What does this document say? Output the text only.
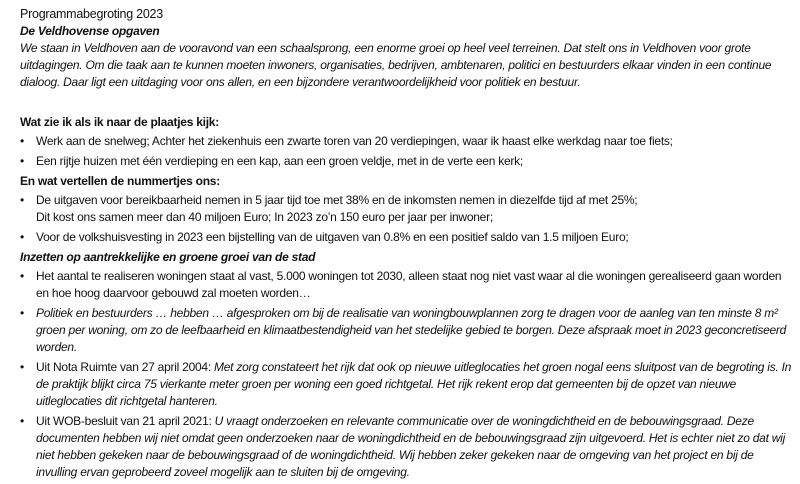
Programmabegroting 2023
De Veldhovense opgaven
We staan in Veldhoven aan de vooravond van een schaalsprong, een enorme groei op heel veel terreinen. Dat stelt ons in Veldhoven voor grote uitdagingen. Om die taak aan te kunnen moeten inwoners, organisaties, bedrijven, ambtenaren, politici en bestuurders elkaar vinden in een continue dialoog. Daar ligt een uitdaging voor ons allen, en een bijzondere verantwoordelijkheid voor politiek en bestuur.
Wat zie ik als ik naar de plaatjes kijk:
• Werk aan de snelweg; Achter het ziekenhuis een zwarte toren van 20 verdiepingen, waar ik haast elke werkdag naar toe fiets;
• Een rijtje huizen met één verdieping en een kap, aan een groen veldje, met in de verte een kerk;
En wat vertellen de nummertjes ons:
• De uitgaven voor bereikbaarheid nemen in 5 jaar tijd toe met 38% en de inkomsten nemen in diezelfde tijd af met 25%;
Dit kost ons samen meer dan 40 miljoen Euro; In 2023 zo’n 150 euro per jaar per inwoner;
• Voor de volkshuisvesting in 2023 een bijstelling van de uitgaven van 0.8% en een positief saldo van 1.5 miljoen Euro;
Inzetten op aantrekkelijke en groene groei van de stad
• Het aantal te realiseren woningen staat al vast, 5.000 woningen tot 2030, alleen staat nog niet vast waar al die woningen gerealiseerd gaan worden en hoe hoog daarvoor gebouwd zal moeten worden…
• Politiek en bestuurders … hebben … afgesproken om bij de realisatie van woningbouwplannen zorg te dragen voor de aanleg van ten minste 8 m² groen per woning, om zo de leefbaarheid en klimaatbestendigheid van het stedelijke gebied te borgen. Deze afspraak moet in 2023 geconcretiseerd worden.
• Uit Nota Ruimte van 27 april 2004: Met zorg constateert het rijk dat ook op nieuwe uitleglocaties het groen nogal eens sluitpost van de begroting is. In de praktijk blijkt circa 75 vierkante meter groen per woning een goed richtgetal. Het rijk rekent erop dat gemeenten bij de opzet van nieuwe uitleglocaties dit richtgetal hanteren.
• Uit WOB-besluit van 21 april 2021: U vraagt onderzoeken en relevante communicatie over de woningdichtheid en de bebouwingsgraad. Deze documenten hebben wij niet omdat geen onderzoeken naar de woningdichtheid en de bebouwingsgraad zijn uitgevoerd. Het is echter niet zo dat wij niet hebben gekeken naar de bebouwingsgraad of de woningdichtheid. Wij hebben zeker gekeken naar de omgeving van het project en bij de invulling ervan geprobeerd zoveel mogelijk aan te sluiten bij de omgeving.
